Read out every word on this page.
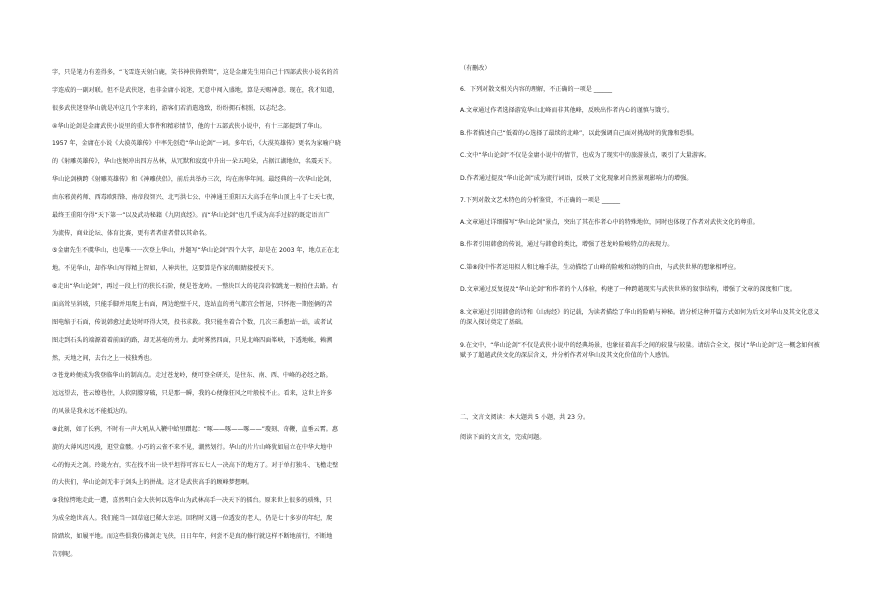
字，只是笔力有差得多，“飞雪连天射白鹿，笑书神侠倚碧鸳”，这是金庸先生用自己十四部武侠小说名的首

字连成的一副对联。但不是武侠迷，也非金庸小说迷，无意中闯入盛地，算是天赐神意。现在，我才知道，

很多武侠迷登华山就是冲这几个字来的，游客们若消遣逸致，纷纷拥石相照，以志纪念。

④华山论剑是金庸武侠小说里的重大事件和精彩情节，他的十五部武侠小说中，有十三部提到了华山。

1957 年，金庸在小说《大漠英雄传》中率先创造“华山论剑”一词。多年后，《大漠英雄传》更名为家喻户晓

的《射雕英雄传》，华山也便冲出四方丛林，从冗默和寂寞中升出一朵五吨朵，占据江湖地位，名震天下。

华山论剑横跨《射雕英雄传》和《神雕侠侣》，前后共举办三次，均在南华年间。最经典的一次华山论剑，

由东邪黄药师、西毒欧阳锋、南帝段智兴、北丐洪七公、中神通王重阳五大高手在华山顶上斗了七天七夜，

最终王重阳夺得“天下第一”以及武功秘籍《九阴真经》。而“华山论剑”也几乎成为高手过招的既定语言广

为流传，商业论坛、体育比赛，更有者者虚者借以其命名。

⑤金庸先生不虞华山，也是唯一一次登上华山，并题写“华山论剑”四个大字，却是在 2003 年，地点正在北

地。不见华山，却作华山写得精上智如，人神共往，这要算是作家的眼睛接授天下。

⑥走出“华山论剑”，再过一段上行的狭长石阶，便是苍龙岭。一整块巨大的花岗岩似跳龙一般拍住去路。右

面高耸呈斜坡，只能手脚并用爬上右面，两边绝壁千尺，连站直的勇气都宜会暂退，只怀抱一期侄俩的苦

图电缩于石面，传说韩愈过此处时吓得大哭，投书求救。我只能坐着合个数，几次三番想站一站，或者试

图走到石头的端源着着前面的路，却无甚毫的勇力。此时雾然四面，只见北峰四面峯峡，下透地帐，赖溯

然，天地之间，去台之上一枝独秀也。

⑦苍龙岭便成为我登临华山的制高点。走过苍龙岭，便可登全研关，是往东、南、西、中峰的必经之路。

远远望去，苍云缭巷住，人软阴朦穿破，只是那一瞬，我的心便像狂风之叶般枝不止。看来，这世上许多

的风景是我永远不能抵达的。

⑧此刻，如了长鸦，不时有一声大吼从入鞭中蛤里蹭起：“啄——啄——啄——”瓊刻、奇鞭，直垂云霄。惠

旋的大薄风迟风漫，逛堂盒髅。小巧的云雀不来不见，潮然划行。华山的片片山峰犹如屈立在中华大地中

心的悔天之剑。玲珑左右，实在找不出一块平坦得可容五七人一决高下的地方了。对于单打独斗、飞檐走壁

的大侠们，华山论剑无非于剑头上的拼战。这才是武侠高手的顾峰梦想啊。

⑨我惊愕地走此一遭，喜然明白金大侠何以选华山为武林高手一决天下的擂台。原来世上很多的琐殊，只

为成全绝世高人。我们能当一回草寇已稀大幸运。回程时又遇一位透发的老人，仍是七十多岁的年纪，爬

阶踏坎，如履平地。而这些俱我仿佛剑走飞侠，日日年年，何尝不是真的修行就这样不断地前行，不断地

告别呢。

（有删改）

6．下列对散文相关内容的理解，不正确的一项是 ______

A.文章通过作者选择游览华山北峰而非其他峰，反映出作者内心的谨慎与饿亏。

B.作者描述自己“低着的心选择了最续的北峰”，以此强调自己面对挑战时的犹豫和恐惧。

C.文中“华山论剑”不仅是金庸小说中的情节，也成为了现实中的旅游景点，吸引了大量游客。

D.作者通过提及“华山论剑”成为流行词语，反映了文化现象对自然景观影响力的增强。

7.下列对散文艺术特色的分析鉴赏，不正确的一项是 ______

A.文章通过详细描写“华山论剑”景点，突出了其在作者心中的特殊地位，同时也体现了作者对武侠文化的尊重。

B.作者引用韩愈的传说，通过与韩愈的类比，增强了苍龙岭险峻特点的表现力。

C.第⑧段中作者运用拟人和比喻手法，生动描绘了山峰的险峻和动物的自由，与武侠世界的想象相呼应。

D.文章通过反复提及“华山论剑”和作者的个人体验，构建了一种跨越现实与武侠世界的叙事结构，增强了文章的深度和广度。

8.文章通过引用韩愈的诗和《山海经》的记载，为读者描绘了华山的险峭与神秘。请分析这种开篇方式如何为后文对华山及其文化意义的深入探讨奠定了基础。

9.在文中，“华山论剑”不仅是武侠小说中的经典场景，也象征着高手之间的较量与较量。请结合全文，探讨“华山论剑”这一概念如何被赋予了超越武侠文化的深层含义，并分析作者对华山及其文化价值的个人感悟。

二、文言文阅读：本大题共 5 小题，共 23 分。

阅读下面的文言文，完成问题。
